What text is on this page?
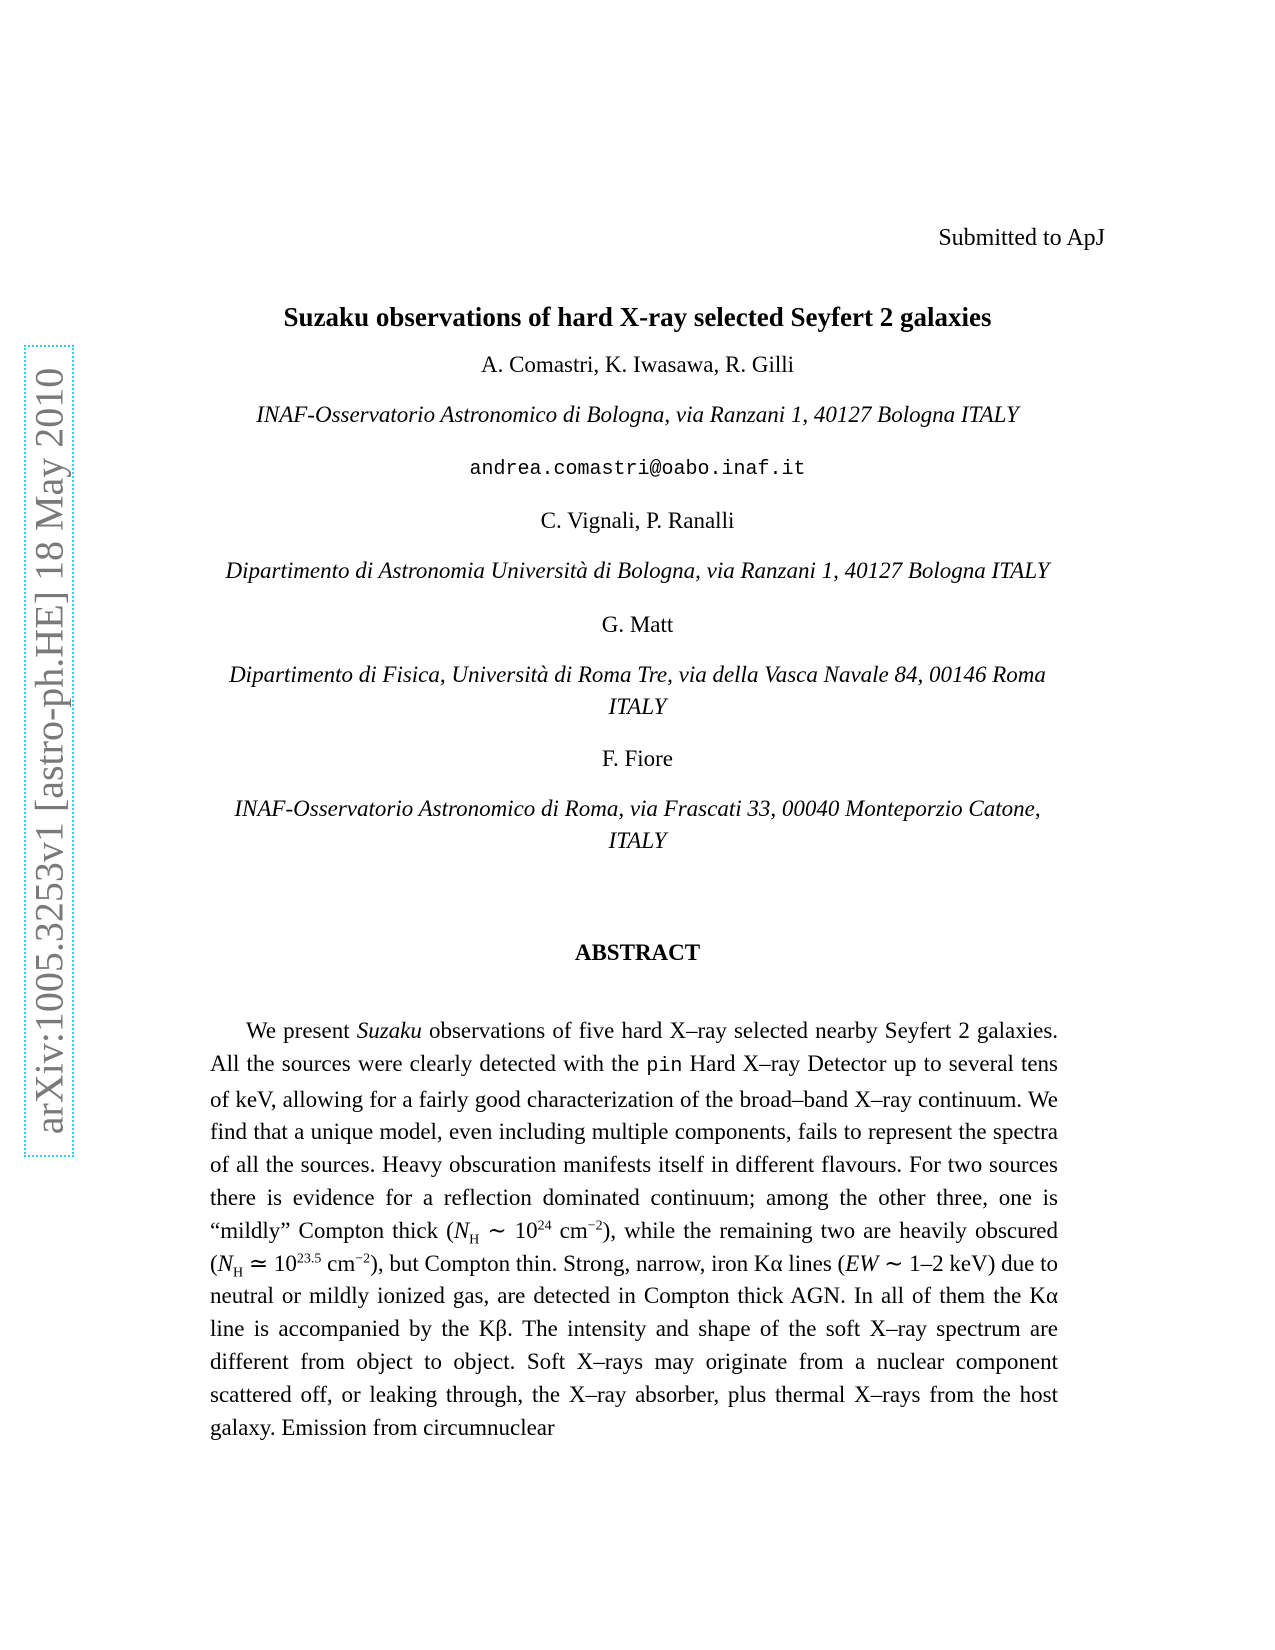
arXiv:1005.3253v1 [astro-ph.HE] 18 May 2010
Submitted to ApJ
Suzaku observations of hard X-ray selected Seyfert 2 galaxies
A. Comastri, K. Iwasawa, R. Gilli
INAF-Osservatorio Astronomico di Bologna, via Ranzani 1, 40127 Bologna ITALY
andrea.comastri@oabo.inaf.it
C. Vignali, P. Ranalli
Dipartimento di Astronomia Università di Bologna, via Ranzani 1, 40127 Bologna ITALY
G. Matt
Dipartimento di Fisica, Università di Roma Tre, via della Vasca Navale 84, 00146 Roma
ITALY
F. Fiore
INAF-Osservatorio Astronomico di Roma, via Frascati 33, 00040 Monteporzio Catone,
ITALY
ABSTRACT
We present Suzaku observations of five hard X–ray selected nearby Seyfert 2 galaxies. All the sources were clearly detected with the pin Hard X–ray Detector up to several tens of keV, allowing for a fairly good characterization of the broad–band X–ray continuum. We find that a unique model, even including multiple components, fails to represent the spectra of all the sources. Heavy obscuration manifests itself in different flavours. For two sources there is evidence for a reflection dominated continuum; among the other three, one is “mildly” Compton thick ($N_H$ ∼ $10^{24}$ $cm^{-2}$), while the remaining two are heavily obscured ($N_H$ ≃ $10^{23.5}$ $cm^{-2}$), but Compton thin. Strong, narrow, iron Kα lines (EW ∼ 1–2 keV) due to neutral or mildly ionized gas, are detected in Compton thick AGN. In all of them the Kα line is accompanied by the Kβ. The intensity and shape of the soft X–ray spectrum are different from object to object. Soft X–rays may originate from a nuclear component scattered off, or leaking through, the X–ray absorber, plus thermal X–rays from the host galaxy. Emission from circumnuclear
